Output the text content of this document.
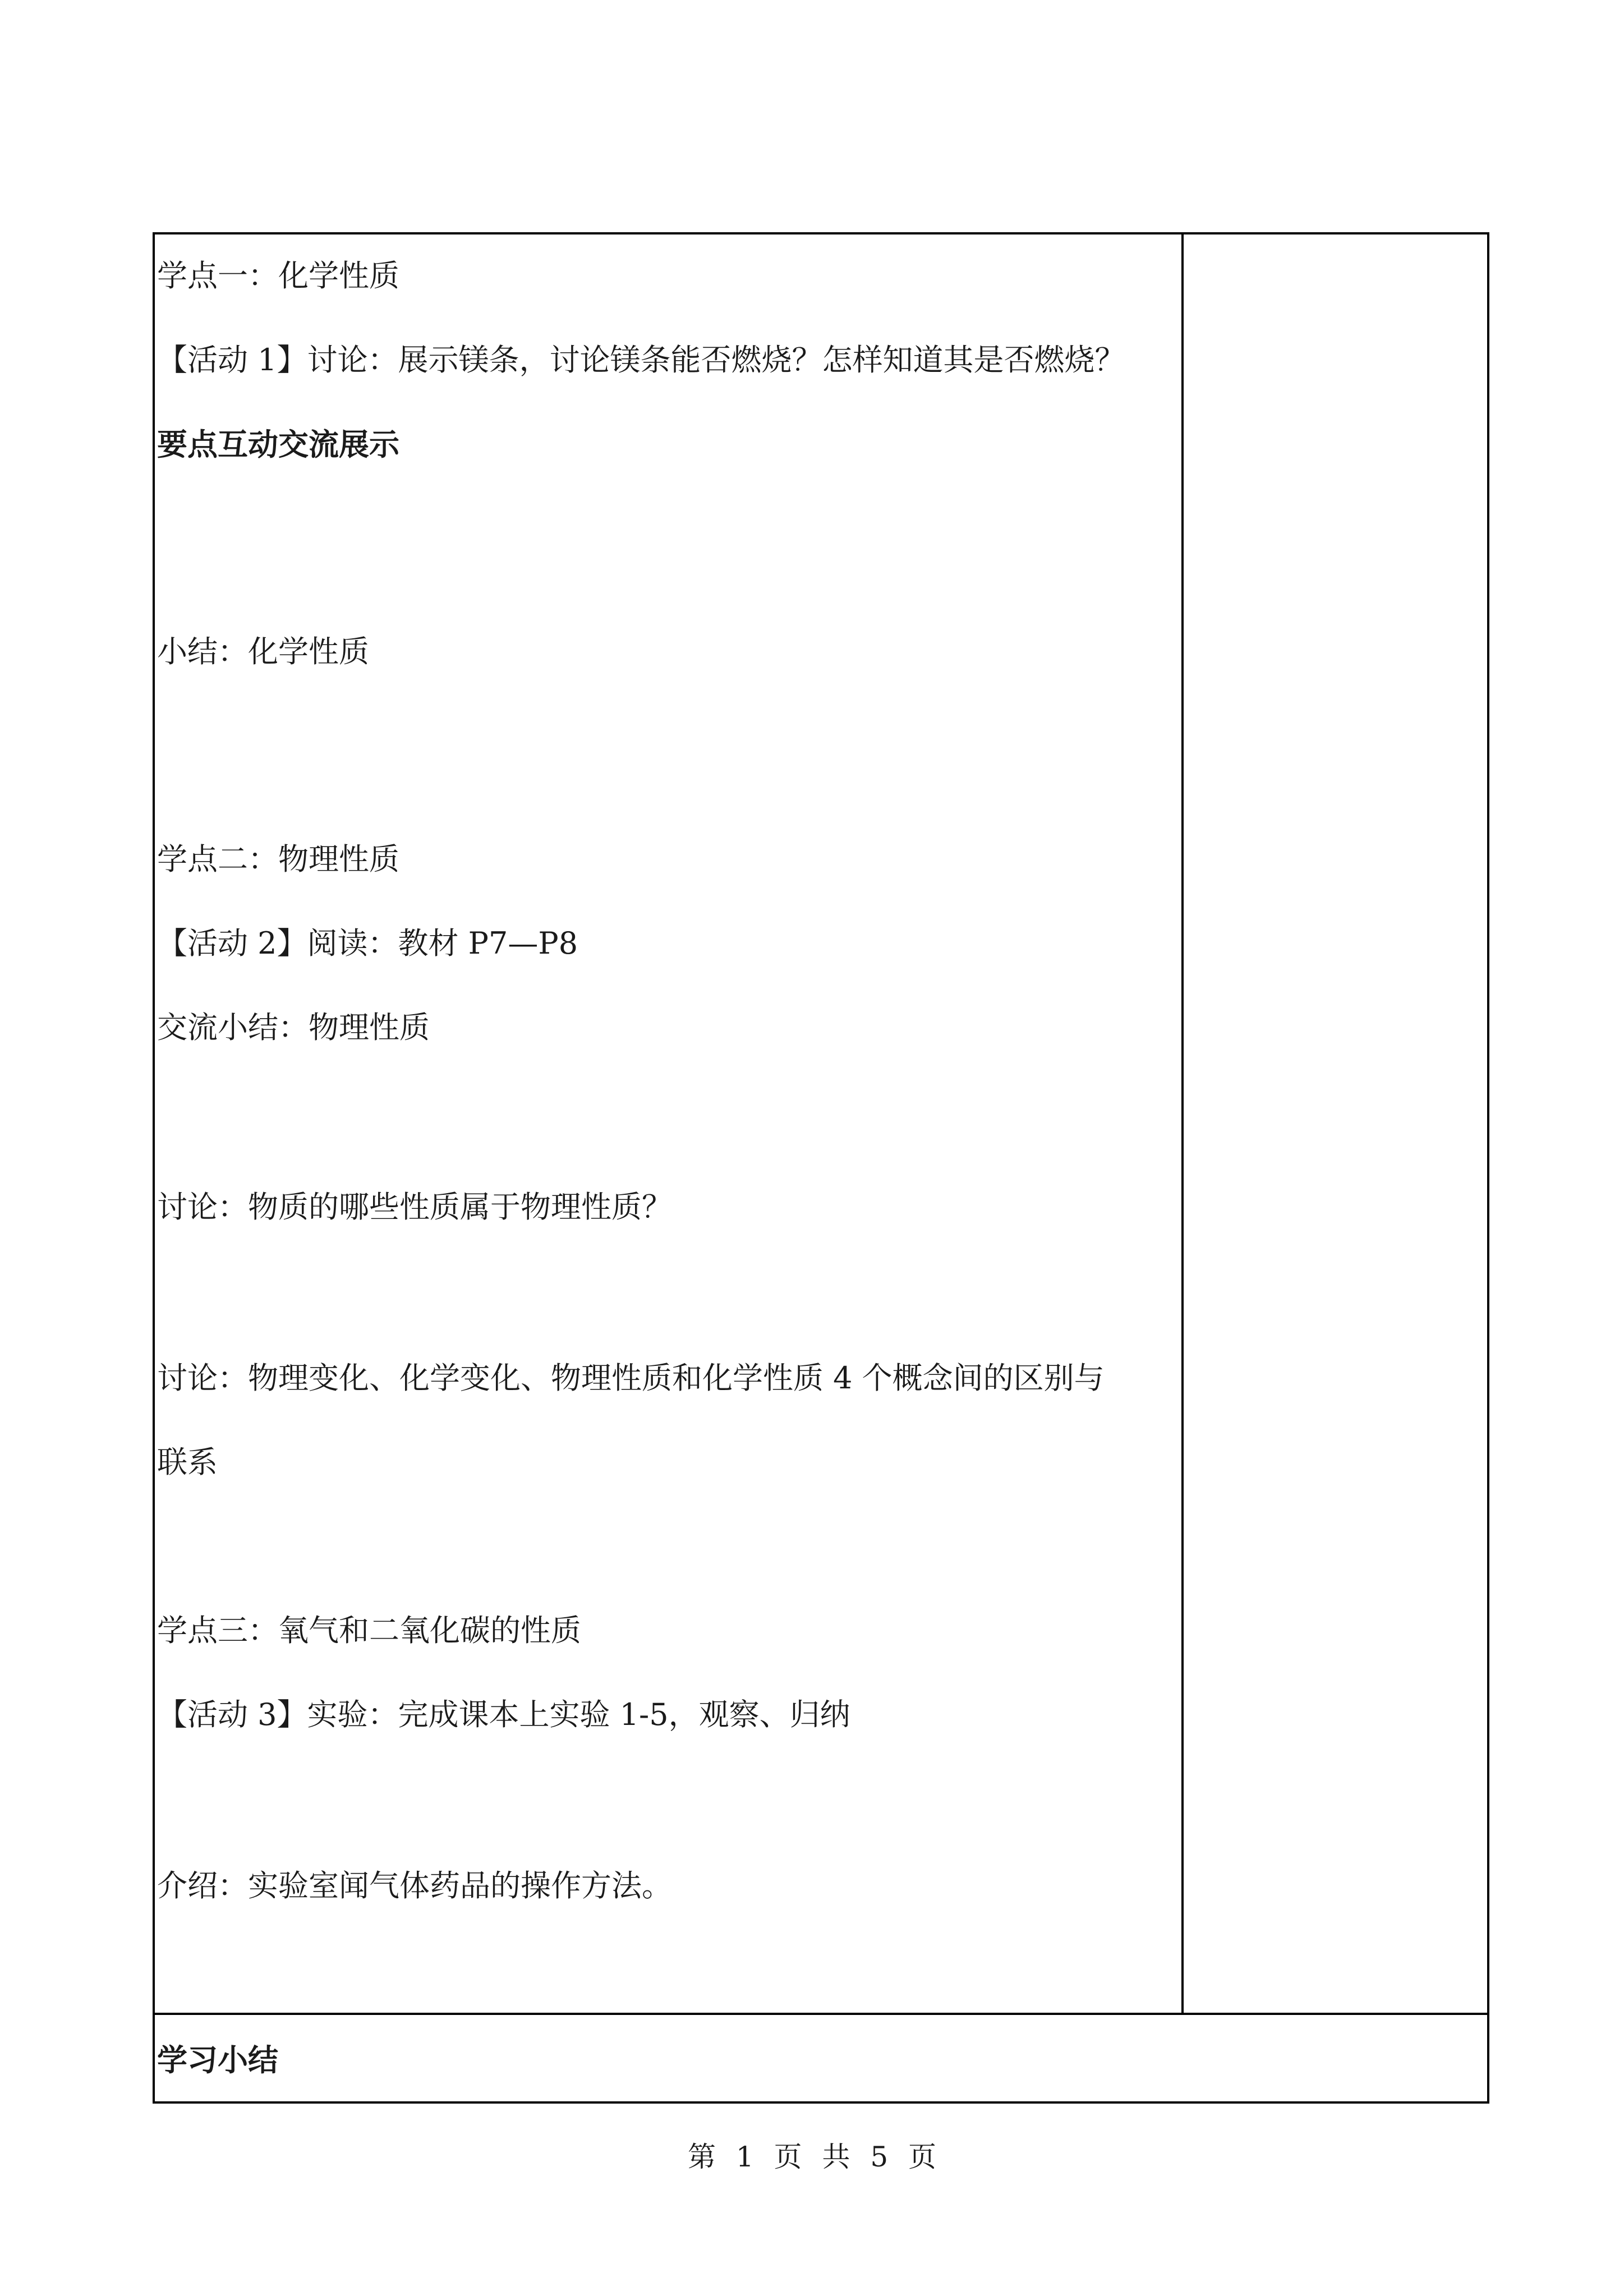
学点一：化学性质
【活动 1】讨论：展示镁条，讨论镁条能否燃烧？怎样知道其是否燃烧？
要点互动交流展示
小结：化学性质
学点二：物理性质
【活动 2】阅读：教材 P7—P8
交流小结：物理性质
讨论：物质的哪些性质属于物理性质？
讨论：物理变化、化学变化、物理性质和化学性质 4 个概念间的区别与
联系
学点三：氧气和二氧化碳的性质
【活动 3】实验：完成课本上实验 1-5，观察、归纳
介绍：实验室闻气体药品的操作方法。
学习小结
第 1 页 共 5 页
